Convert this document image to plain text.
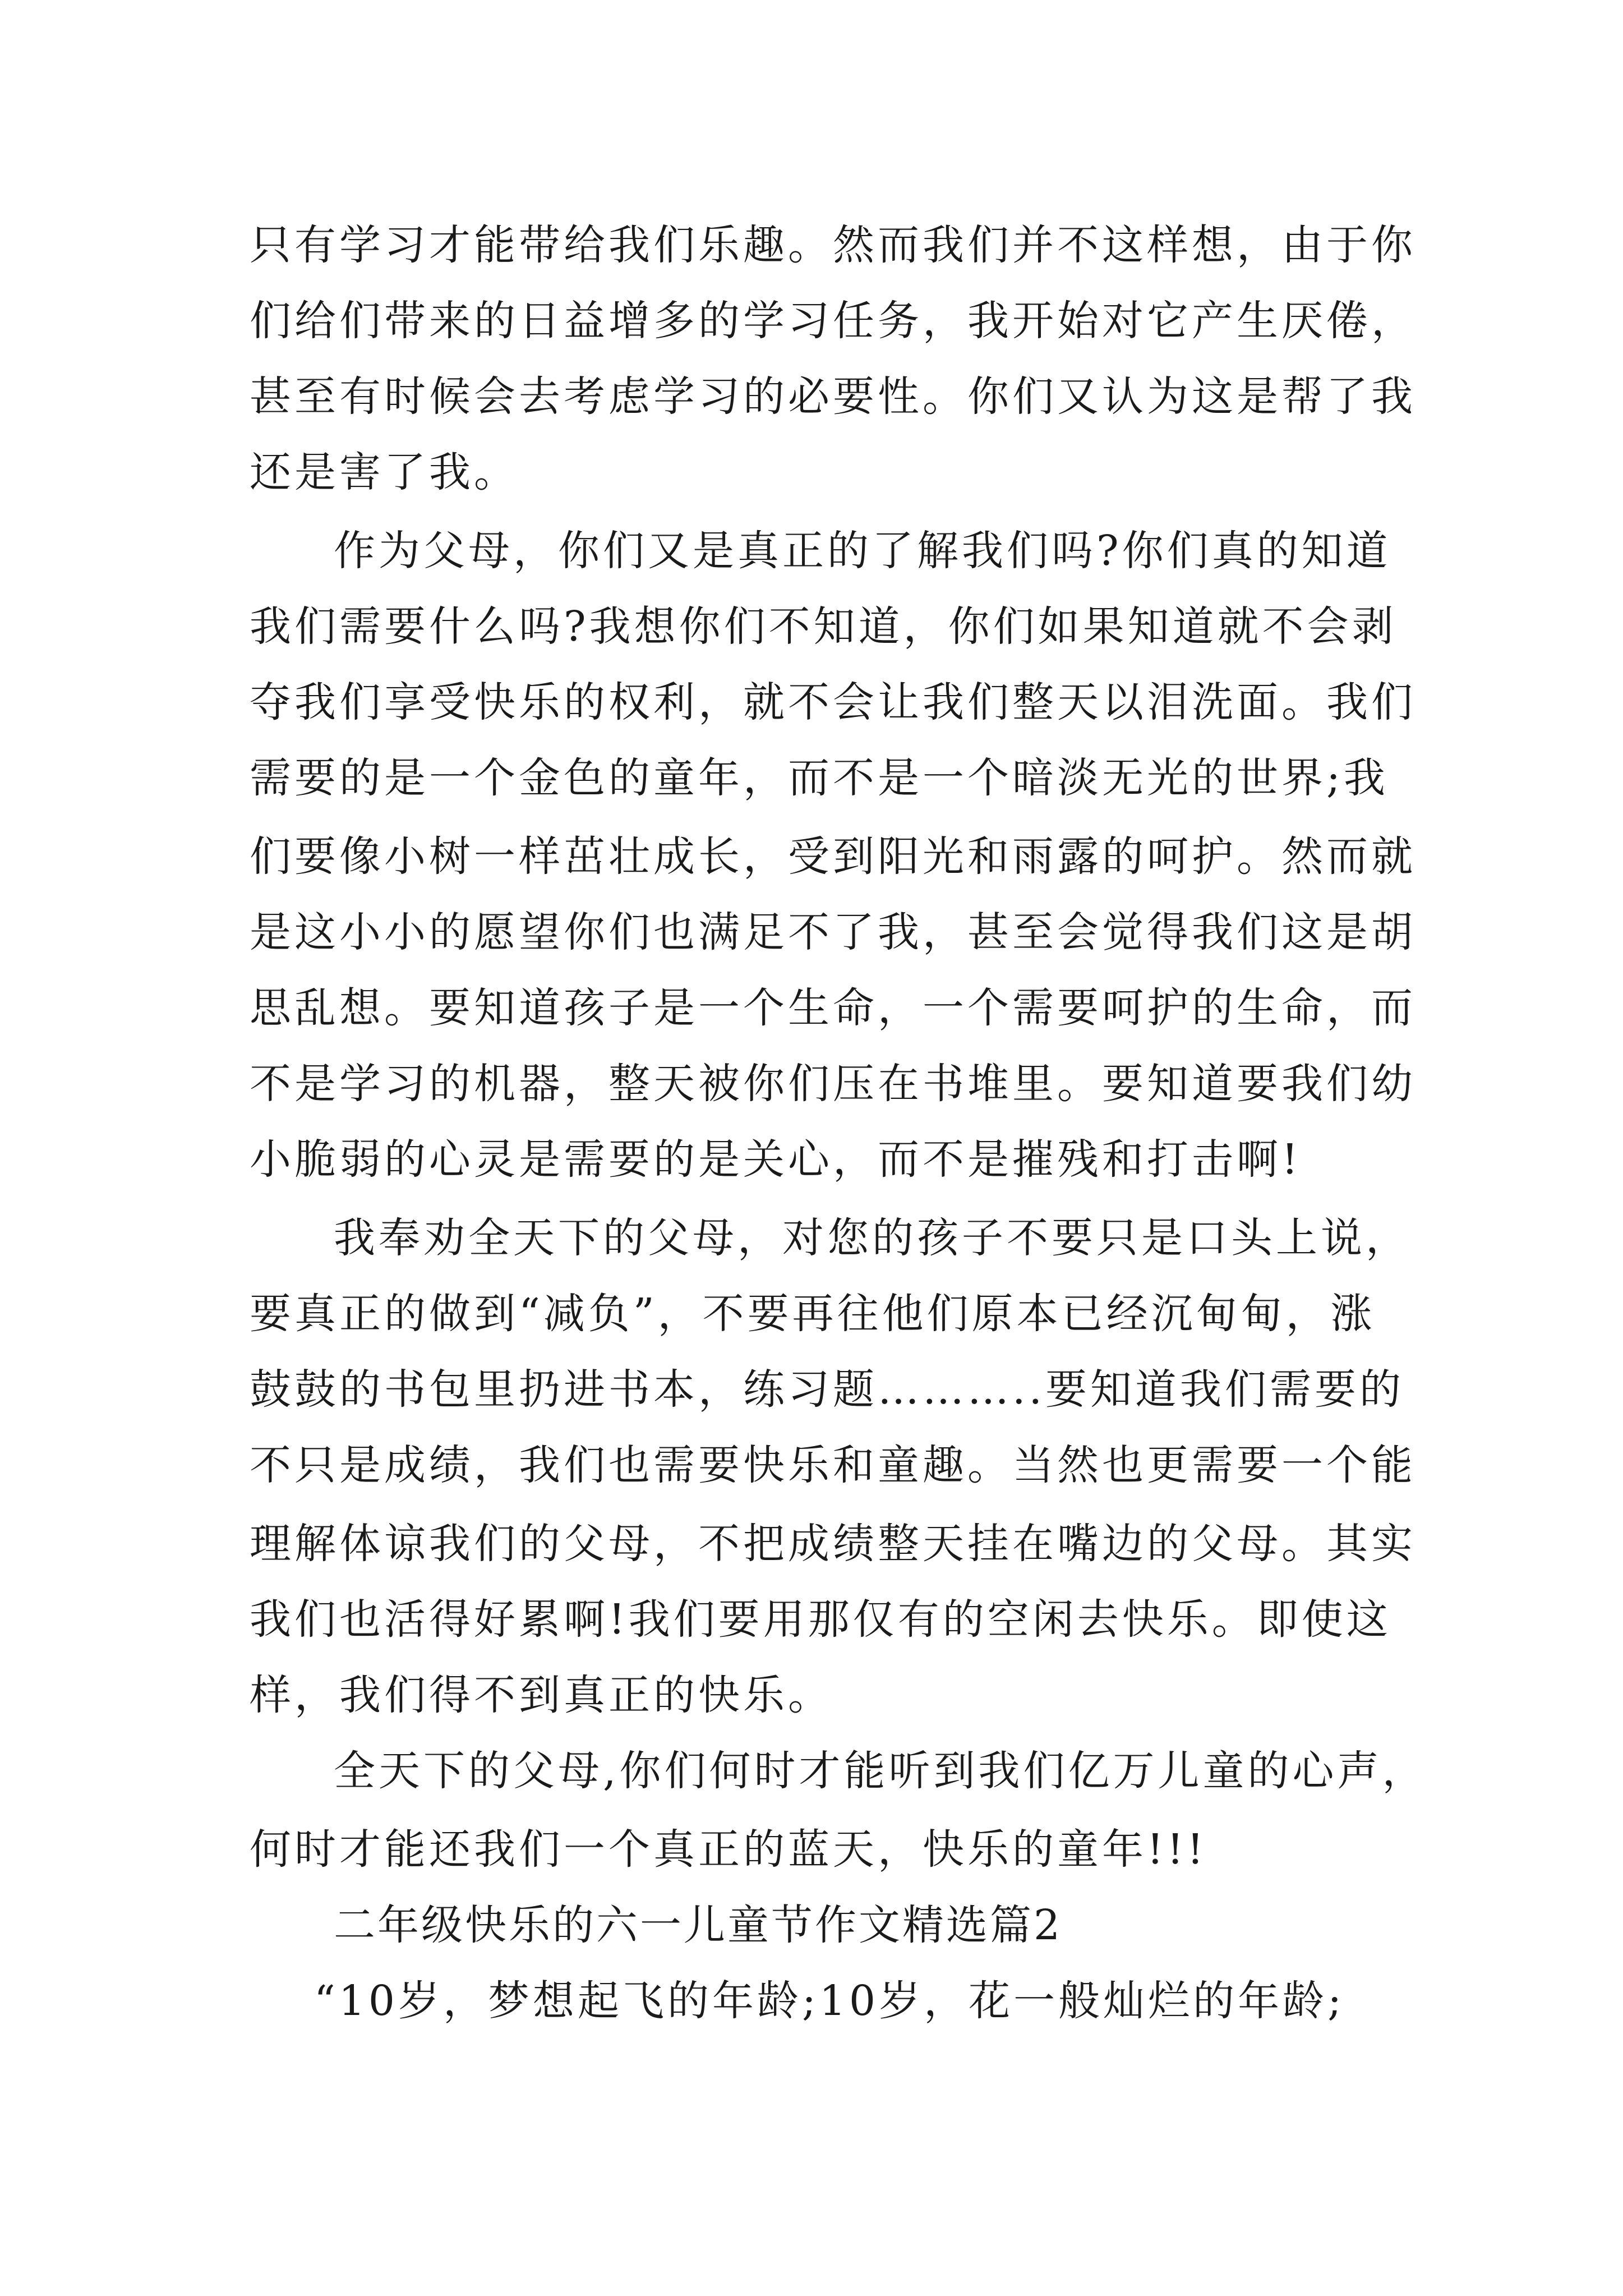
只有学习才能带给我们乐趣。然而我们并不这样想，由于你
们给们带来的日益增多的学习任务，我开始对它产生厌倦，
甚至有时候会去考虑学习的必要性。你们又认为这是帮了我
还是害了我。
作为父母，你们又是真正的了解我们吗?你们真的知道
我们需要什么吗?我想你们不知道，你们如果知道就不会剥
夺我们享受快乐的权利，就不会让我们整天以泪洗面。我们
需要的是一个金色的童年，而不是一个暗淡无光的世界;我
们要像小树一样茁壮成长，受到阳光和雨露的呵护。然而就
是这小小的愿望你们也满足不了我，甚至会觉得我们这是胡
思乱想。要知道孩子是一个生命，一个需要呵护的生命，而
不是学习的机器，整天被你们压在书堆里。要知道要我们幼
小脆弱的心灵是需要的是关心，而不是摧残和打击啊!
我奉劝全天下的父母，对您的孩子不要只是口头上说，
要真正的做到“减负”，不要再往他们原本已经沉甸甸，涨
鼓鼓的书包里扔进书本，练习题………..要知道我们需要的
不只是成绩，我们也需要快乐和童趣。当然也更需要一个能
理解体谅我们的父母，不把成绩整天挂在嘴边的父母。其实
我们也活得好累啊!我们要用那仅有的空闲去快乐。即使这
样，我们得不到真正的快乐。
全天下的父母,你们何时才能听到我们亿万儿童的心声，
何时才能还我们一个真正的蓝天，快乐的童年!!!
二年级快乐的六一儿童节作文精选篇2
“10岁，梦想起飞的年龄;10岁，花一般灿烂的年龄;
